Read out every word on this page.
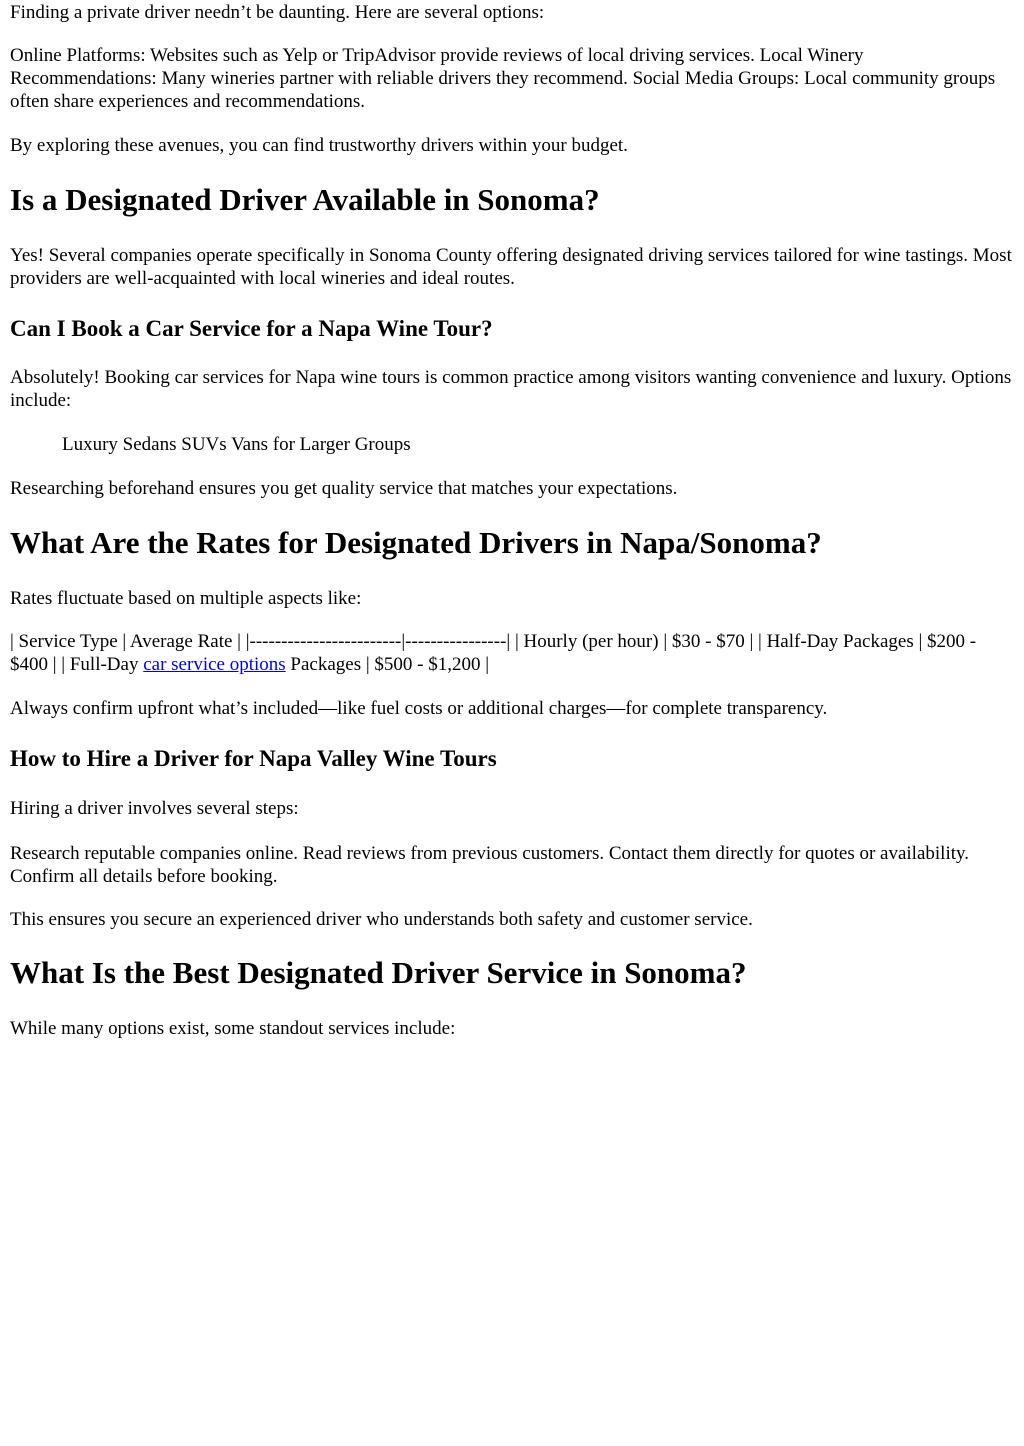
Finding a private driver needn’t be daunting. Here are several options:

Online Platforms: Websites such as Yelp or TripAdvisor provide reviews of local driving services. Local Winery Recommendations: Many wineries partner with reliable drivers they recommend. Social Media Groups: Local community groups often share experiences and recommendations.

By exploring these avenues, you can find trustworthy drivers within your budget.

Is a Designated Driver Available in Sonoma?

Yes! Several companies operate specifically in Sonoma County offering designated driving services tailored for wine tastings. Most providers are well-acquainted with local wineries and ideal routes.

Can I Book a Car Service for a Napa Wine Tour?

Absolutely! Booking car services for Napa wine tours is common practice among visitors wanting convenience and luxury. Options include:

Luxury Sedans SUVs Vans for Larger Groups

Researching beforehand ensures you get quality service that matches your expectations.

What Are the Rates for Designated Drivers in Napa/Sonoma?

Rates fluctuate based on multiple aspects like:

| Service Type | Average Rate | |------------------------|----------------| | Hourly (per hour) | $30 - $70 | | Half-Day Packages | $200 - $400 | | Full-Day car service options Packages | $500 - $1,200 |

Always confirm upfront what’s included—like fuel costs or additional charges—for complete transparency.

How to Hire a Driver for Napa Valley Wine Tours

Hiring a driver involves several steps:

Research reputable companies online. Read reviews from previous customers. Contact them directly for quotes or availability. Confirm all details before booking.

This ensures you secure an experienced driver who understands both safety and customer service.

What Is the Best Designated Driver Service in Sonoma?

While many options exist, some standout services include:
